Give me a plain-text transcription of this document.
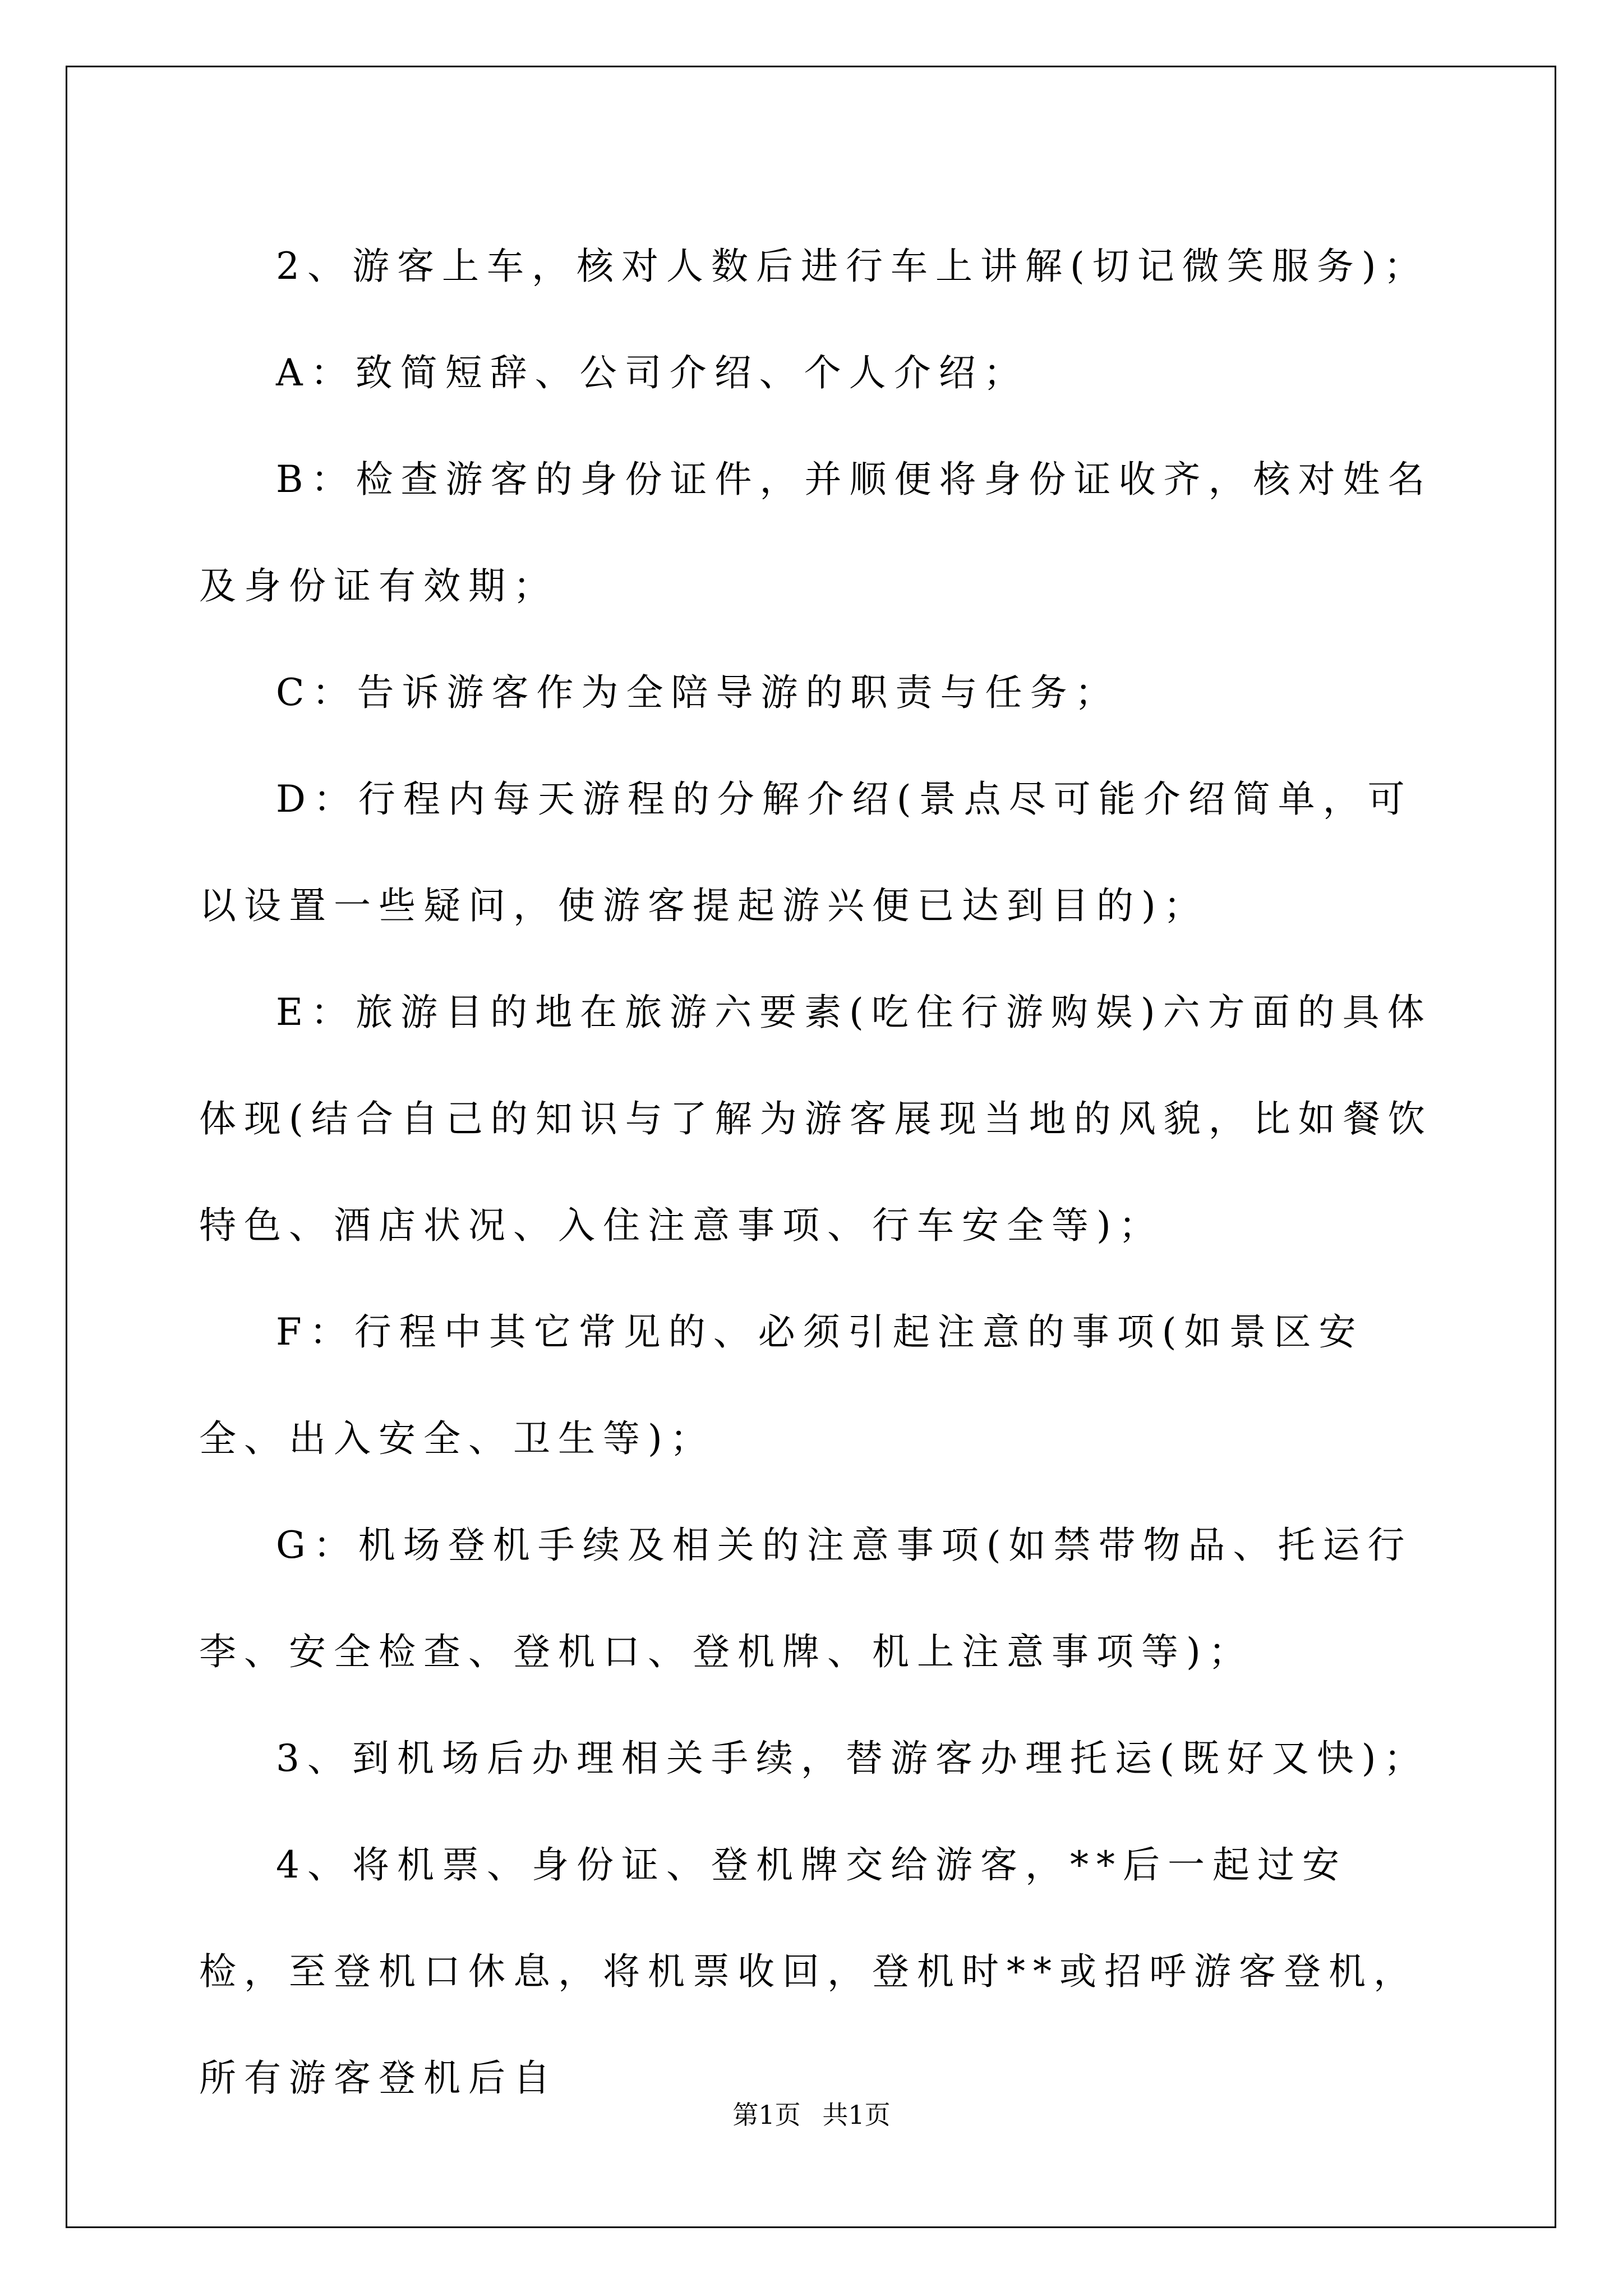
2、游客上车，核对人数后进行车上讲解(切记微笑服务)；

A：致简短辞、公司介绍、个人介绍；

B：检查游客的身份证件，并顺便将身份证收齐，核对姓名及身份证有效期；

C：告诉游客作为全陪导游的职责与任务；

D：行程内每天游程的分解介绍(景点尽可能介绍简单，可以设置一些疑问，使游客提起游兴便已达到目的)；

E：旅游目的地在旅游六要素(吃住行游购娱)六方面的具体体现(结合自己的知识与了解为游客展现当地的风貌，比如餐饮特色、酒店状况、入住注意事项、行车安全等)；

F：行程中其它常见的、必须引起注意的事项(如景区安全、出入安全、卫生等)；

G：机场登机手续及相关的注意事项(如禁带物品、托运行李、安全检查、登机口、登机牌、机上注意事项等)；

3、到机场后办理相关手续，替游客办理托运(既好又快)；

4、将机票、身份证、登机牌交给游客，**后一起过安检，至登机口休息，将机票收回，登机时**或招呼游客登机，所有游客登机后自

第1页 共1页
